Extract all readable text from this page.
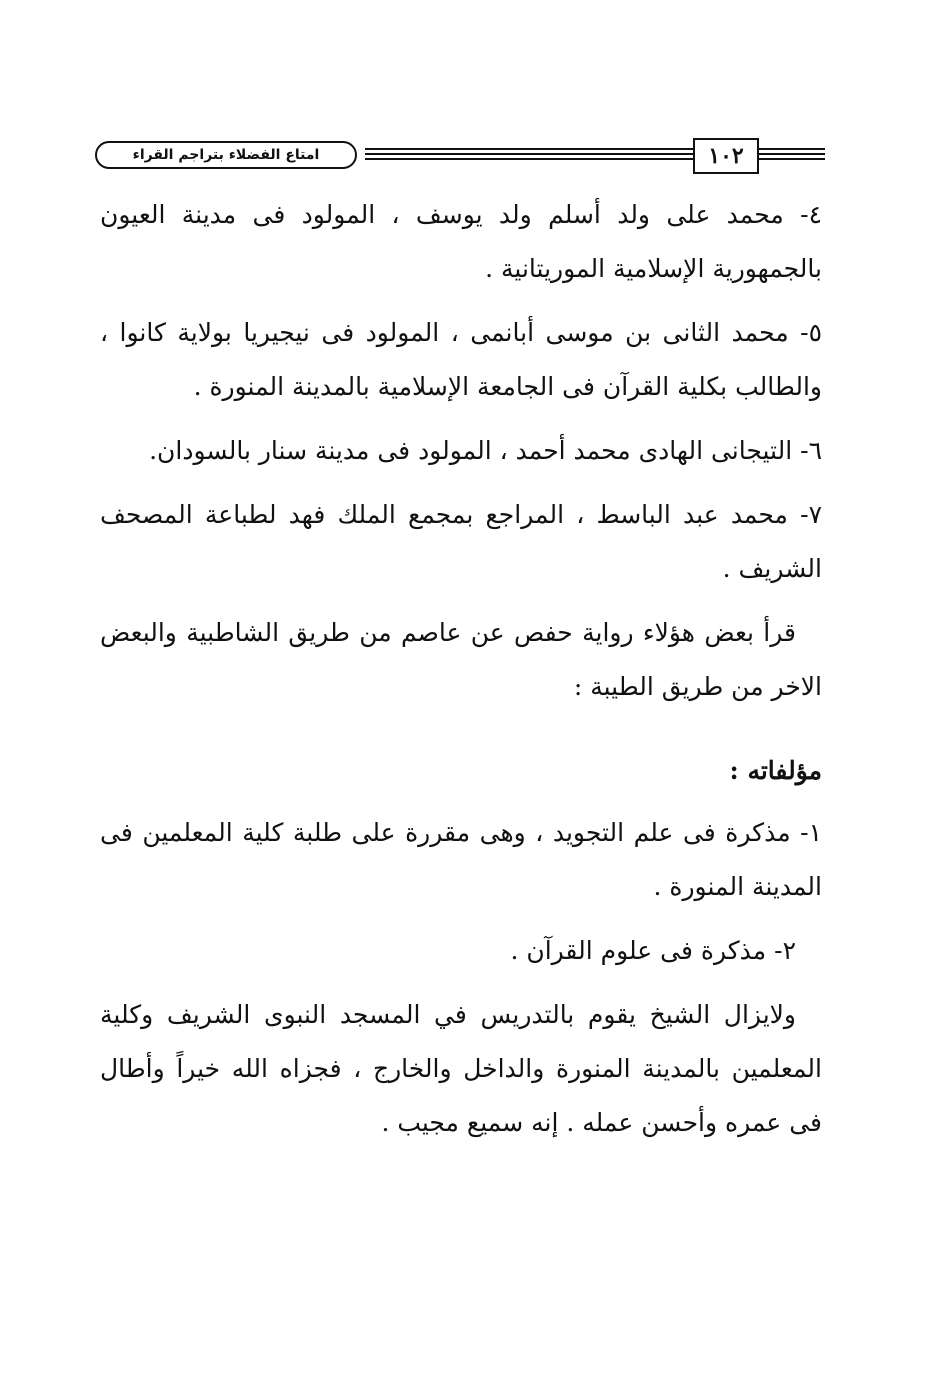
امتاع الفضلاء بتراجم القراء	١٠٢

٤- محمد على ولد أسلم ولد يوسف ، المولود فى مدينة العيون بالجمهورية الإسلامية الموريتانية .

٥- محمد الثانى بن موسى أبانمى ، المولود فى نيجيريا بولاية كانوا ، والطالب بكلية القرآن فى الجامعة الإسلامية بالمدينة المنورة .

٦- التيجانى الهادى محمد أحمد ، المولود فى مدينة سنار بالسودان.

٧- محمد عبد الباسط ، المراجع بمجمع الملك فهد لطباعة المصحف الشريف .

قرأ بعض هؤلاء رواية حفص عن عاصم من طريق الشاطبية والبعض الاخر من طريق الطيبة :

مؤلفاته :

١- مذكرة فى علم التجويد ، وهى مقررة على طلبة كلية المعلمين فى المدينة المنورة .

٢- مذكرة فى علوم القرآن .

ولايزال الشيخ يقوم بالتدريس في المسجد النبوى الشريف وكلية المعلمين بالمدينة المنورة والداخل والخارج ، فجزاه الله خيراً وأطال فى عمره وأحسن عمله . إنه سميع مجيب .
